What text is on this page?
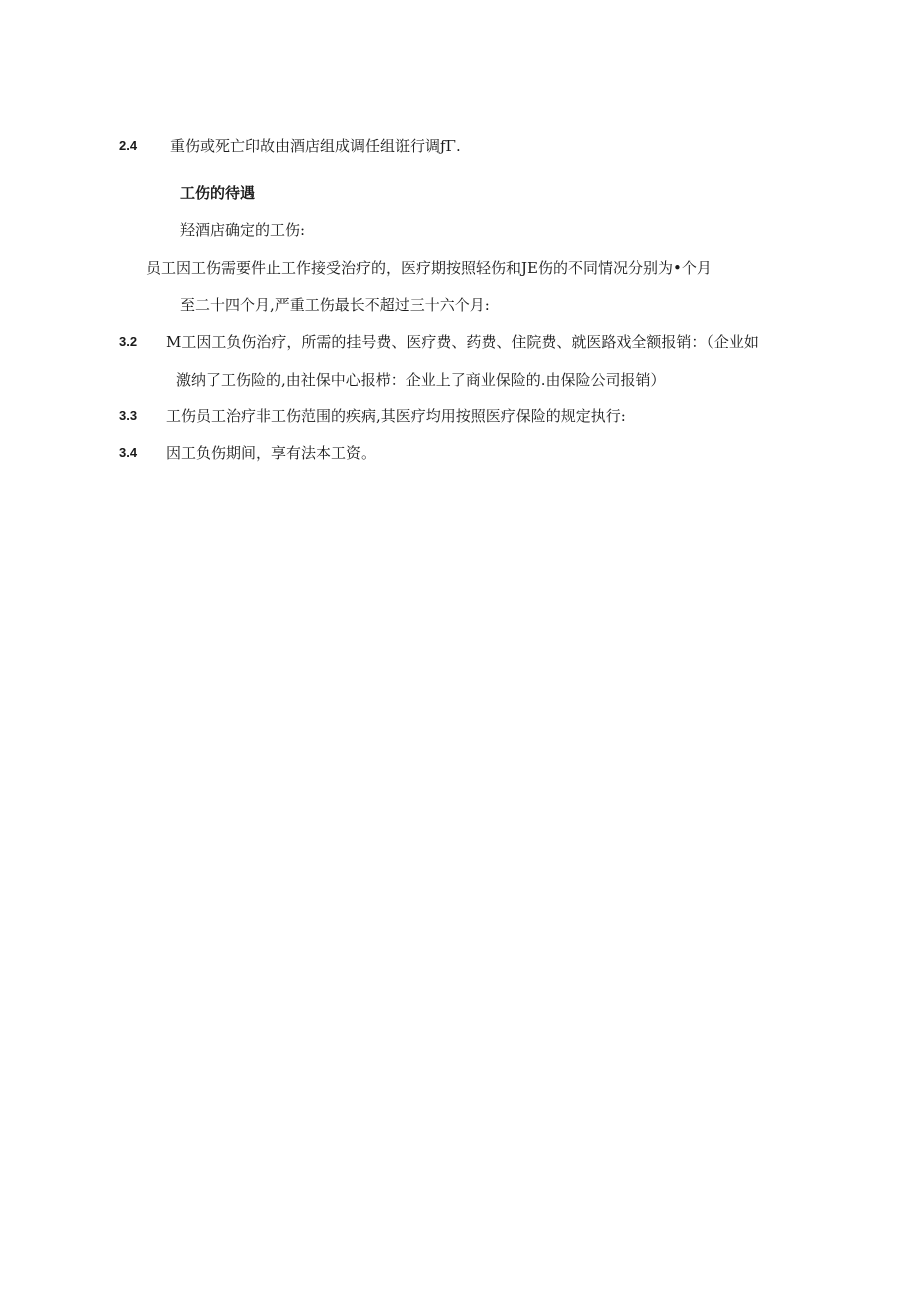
2.4 重伤或死亡印故由酒店组成调任组诳行调ƒΓ.
工伤的待遇
羟酒店确定的工伤:
员工因工伤需要件止工作接受治疗的，医疗期按照轻伤和JE伤的不同情况分别为•个月
至二十四个月,严重工伤最长不超过三十六个月:
3.2 M工因工负伤治疗，所需的挂号费、医疗费、药费、住院费、就医路戏全额报销：（企业如
激纳了工伤险的,由社保中心报栉：企业上了商业保险的.由保险公司报销）
3.3 工伤员工治疗非工伤范围的疾病,其医疗均用按照医疗保险的规定执行:
3.4 因工负伤期间，享有法本工资。
